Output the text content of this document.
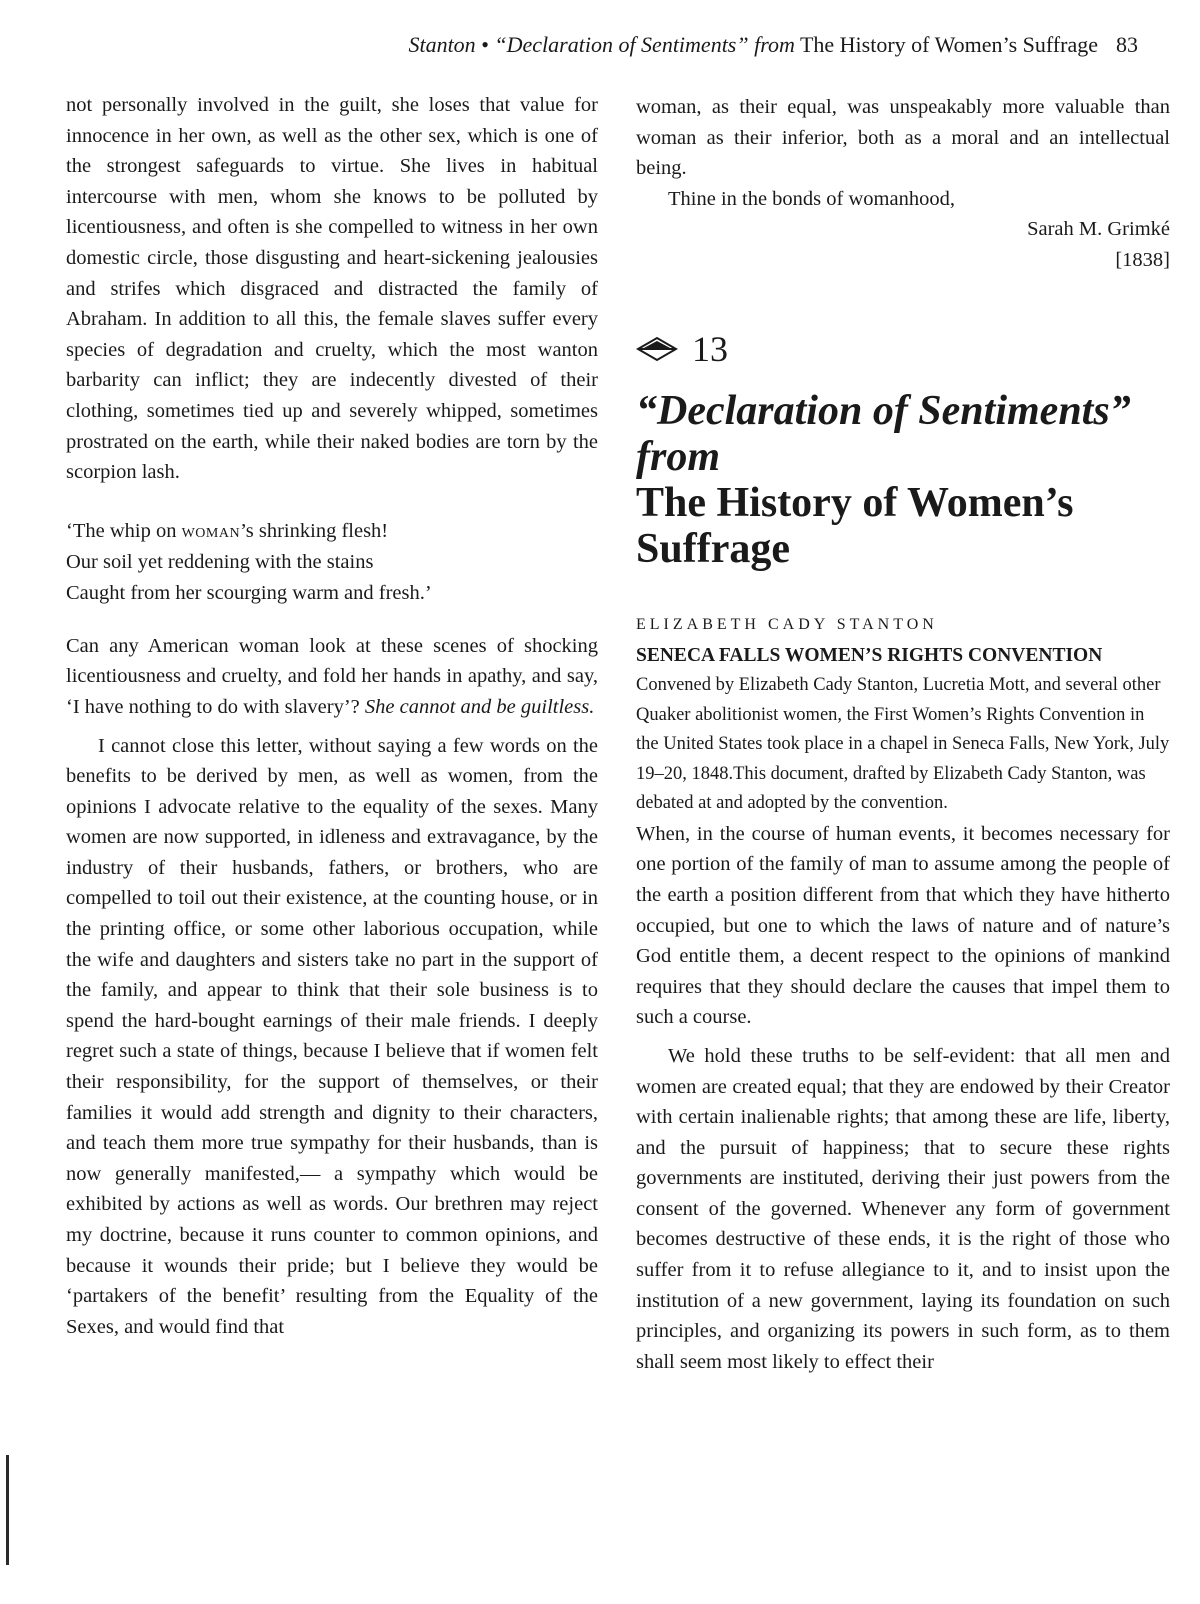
Stanton • “Declaration of Sentiments” from The History of Women’s Suffrage 83

not personally involved in the guilt, she loses that value for innocence in her own, as well as the other sex, which is one of the strongest safeguards to virtue. She lives in habitual intercourse with men, whom she knows to be polluted by licentiousness, and often is she compelled to witness in her own domestic circle, those disgusting and heart-sickening jealousies and strifes which disgraced and distracted the family of Abraham. In addition to all this, the female slaves suffer every species of degradation and cruelty, which the most wanton barbarity can inflict; they are indecently divested of their clothing, sometimes tied up and severely whipped, sometimes prostrated on the earth, while their naked bodies are torn by the scorpion lash.

‘The whip on woman’s shrinking flesh!
Our soil yet reddening with the stains
Caught from her scourging warm and fresh.’

Can any American woman look at these scenes of shocking licentiousness and cruelty, and fold her hands in apathy, and say, ‘I have nothing to do with slavery’? She cannot and be guiltless.

I cannot close this letter, without saying a few words on the benefits to be derived by men, as well as women, from the opinions I advocate relative to the equality of the sexes. Many women are now supported, in idleness and extravagance, by the industry of their husbands, fathers, or brothers, who are compelled to toil out their existence, at the counting house, or in the printing office, or some other laborious occupation, while the wife and daughters and sisters take no part in the support of the family, and appear to think that their sole business is to spend the hard-bought earnings of their male friends. I deeply regret such a state of things, because I believe that if women felt their responsibility, for the support of themselves, or their families it would add strength and dignity to their characters, and teach them more true sympathy for their husbands, than is now generally manifested,— a sympathy which would be exhibited by actions as well as words. Our brethren may reject my doctrine, because it runs counter to common opinions, and because it wounds their pride; but I believe they would be ‘partakers of the benefit’ resulting from the Equality of the Sexes, and would find that

woman, as their equal, was unspeakably more valuable than woman as their inferior, both as a moral and an intellectual being.

Thine in the bonds of womanhood,

Sarah M. Grimké

[1838]

13
“Declaration of Sentiments” from
The History of Women’s Suffrage
ELIZABETH CADY STANTON

SENECA FALLS WOMEN’S RIGHTS CONVENTION Convened by Elizabeth Cady Stanton, Lucretia Mott, and several other Quaker abolitionist women, the First Women’s Rights Convention in the United States took place in a chapel in Seneca Falls, New York, July 19–20, 1848.This document, drafted by Elizabeth Cady Stanton, was debated at and adopted by the convention.

When, in the course of human events, it becomes necessary for one portion of the family of man to assume among the people of the earth a position different from that which they have hitherto occupied, but one to which the laws of nature and of nature’s God entitle them, a decent respect to the opinions of mankind requires that they should declare the causes that impel them to such a course.

We hold these truths to be self-evident: that all men and women are created equal; that they are endowed by their Creator with certain inalienable rights; that among these are life, liberty, and the pursuit of happiness; that to secure these rights governments are instituted, deriving their just powers from the consent of the governed. Whenever any form of government becomes destructive of these ends, it is the right of those who suffer from it to refuse allegiance to it, and to insist upon the institution of a new government, laying its foundation on such principles, and organizing its powers in such form, as to them shall seem most likely to effect their
